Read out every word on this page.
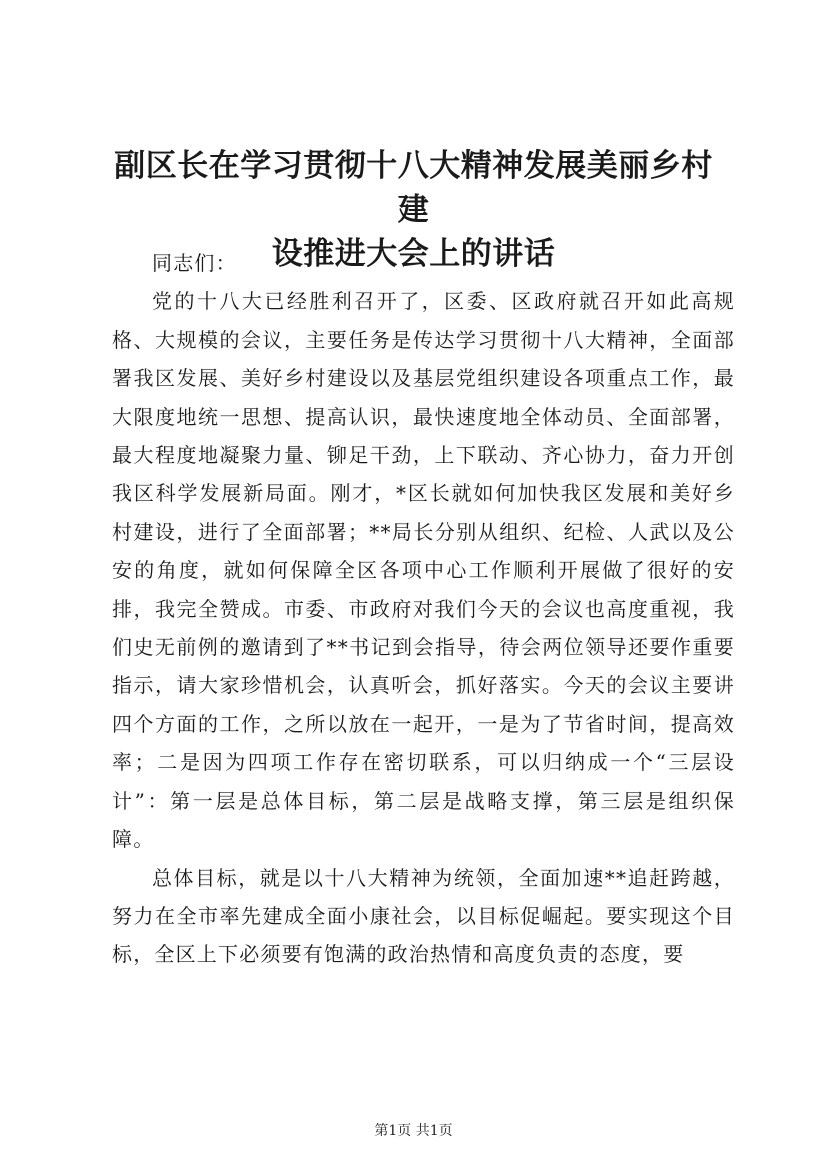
副区长在学习贯彻十八大精神发展美丽乡村建
设推进大会上的讲话

同志们：

党的十八大已经胜利召开了，区委、区政府就召开如此高规格、大规模的会议，主要任务是传达学习贯彻十八大精神，全面部署我区发展、美好乡村建设以及基层党组织建设各项重点工作，最大限度地统一思想、提高认识，最快速度地全体动员、全面部署，最大程度地凝聚力量、铆足干劲，上下联动、齐心协力，奋力开创我区科学发展新局面。刚才，*区长就如何加快我区发展和美好乡村建设，进行了全面部署；**局长分别从组织、纪检、人武以及公安的角度，就如何保障全区各项中心工作顺利开展做了很好的安排，我完全赞成。市委、市政府对我们今天的会议也高度重视，我们史无前例的邀请到了**书记到会指导，待会两位领导还要作重要指示，请大家珍惜机会，认真听会，抓好落实。今天的会议主要讲四个方面的工作，之所以放在一起开，一是为了节省时间，提高效率；二是因为四项工作存在密切联系，可以归纳成一个“三层设计”：第一层是总体目标，第二层是战略支撑，第三层是组织保障。

总体目标，就是以十八大精神为统领，全面加速**追赶跨越，努力在全市率先建成全面小康社会，以目标促崛起。要实现这个目标，全区上下必须要有饱满的政治热情和高度负责的态度，要

第1页 共1页
